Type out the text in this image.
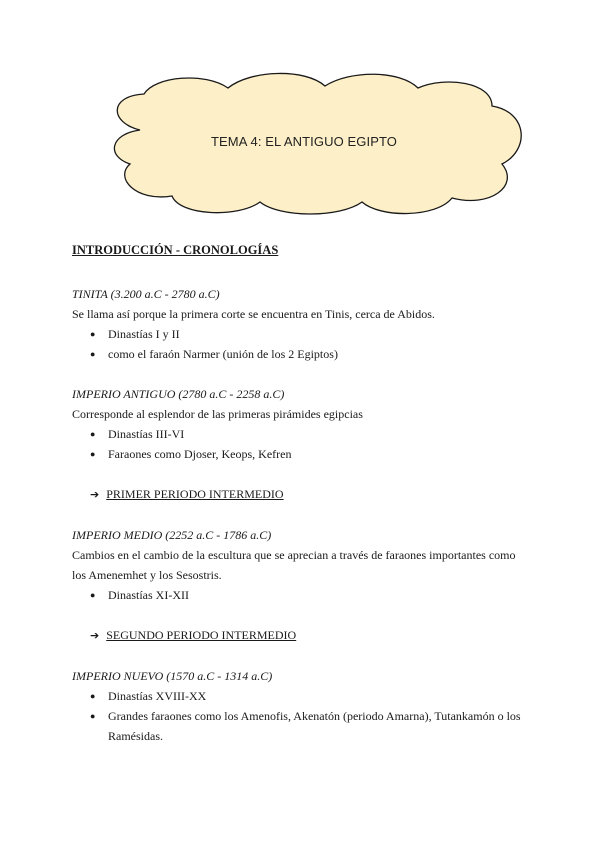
TEMA 4: EL ANTIGUO EGIPTO
INTRODUCCIÓN - CRONOLOGÍAS
TINITA (3.200 a.C - 2780 a.C)

Se llama así porque la primera corte se encuentra en Tinis, cerca de Abidos.

● Dinastías I y II
● como el faraón Narmer (unión de los 2 Egiptos)
IMPERIO ANTIGUO (2780 a.C - 2258 a.C)

Corresponde al esplendor de las primeras pirámides egipcias

● Dinastías III-VI
● Faraones como Djoser, Keops, Kefren

➔ PRIMER PERIODO INTERMEDIO

IMPERIO MEDIO (2252 a.C - 1786 a.C)

Cambios en el cambio de la escultura que se aprecian a través de faraones importantes como los Amenemhet y los Sesostris.

● Dinastías XI-XII

➔ SEGUNDO PERIODO INTERMEDIO

IMPERIO NUEVO (1570 a.C - 1314 a.C)
● Dinastías XVIII-XX
● Grandes faraones como los Amenofis, Akenatón (periodo Amarna), Tutankamón o los Ramésidas.
